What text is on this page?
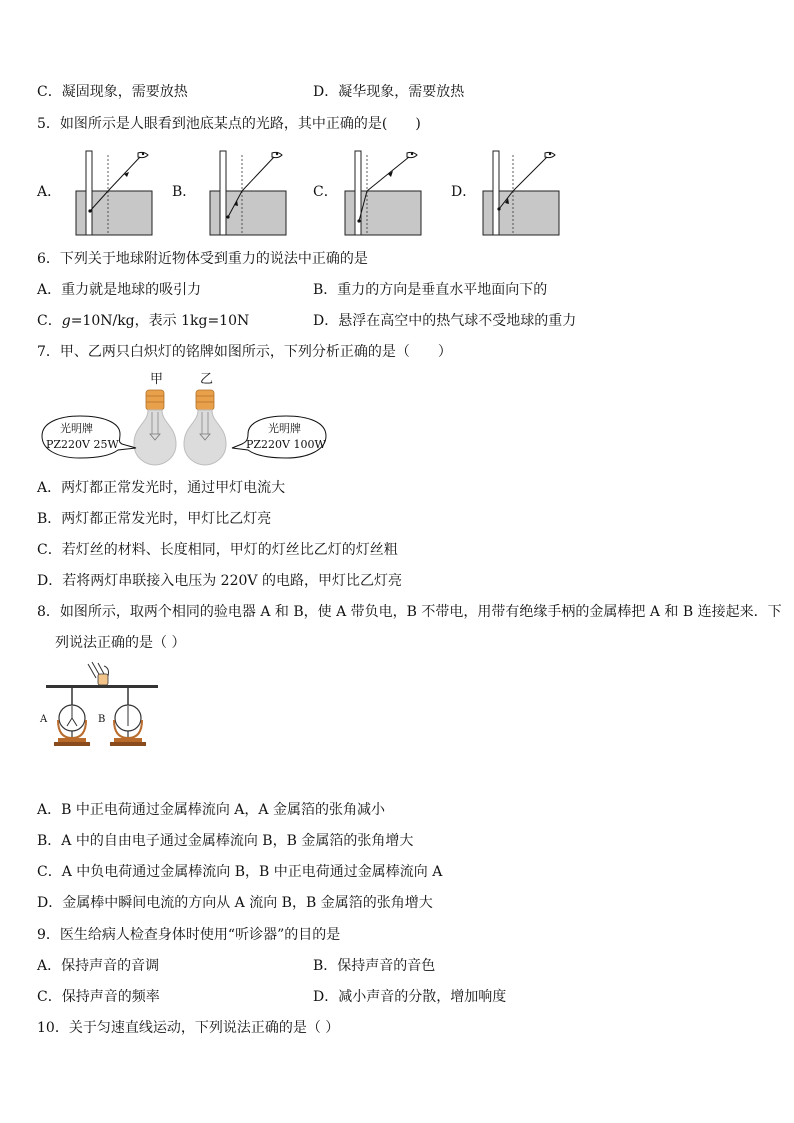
C．凝固现象，需要放热	D．凝华现象，需要放热
5．如图所示是人眼看到池底某点的光路，其中正确的是(　　)
A．	B．	C．	D．
6．下列关于地球附近物体受到重力的说法中正确的是
A．重力就是地球的吸引力	B．重力的方向是垂直水平地面向下的
C．g=10N/kg，表示 1kg=10N	D．悬浮在高空中的热气球不受地球的重力
7．甲、乙两只白炽灯的铭牌如图所示，下列分析正确的是（　　）
甲	乙
光明牌
PZ220V 25W
光明牌
PZ220V 100W
A．两灯都正常发光时，通过甲灯电流大
B．两灯都正常发光时，甲灯比乙灯亮
C．若灯丝的材料、长度相同，甲灯的灯丝比乙灯的灯丝粗
D．若将两灯串联接入电压为 220V 的电路，甲灯比乙灯亮
8．如图所示，取两个相同的验电器 A 和 B，使 A 带负电，B 不带电，用带有绝缘手柄的金属棒把 A 和 B 连接起来．下
列说法正确的是（ ）
A	B
A．B 中正电荷通过金属棒流向 A，A 金属箔的张角减小
B．A 中的自由电子通过金属棒流向 B，B 金属箔的张角增大
C．A 中负电荷通过金属棒流向 B，B 中正电荷通过金属棒流向 A
D．金属棒中瞬间电流的方向从 A 流向 B，B 金属箔的张角增大
9．医生给病人检查身体时使用“听诊器”的目的是
A．保持声音的音调	B．保持声音的音色
C．保持声音的频率	D．减小声音的分散，增加响度
10．关于匀速直线运动，下列说法正确的是（ ）
